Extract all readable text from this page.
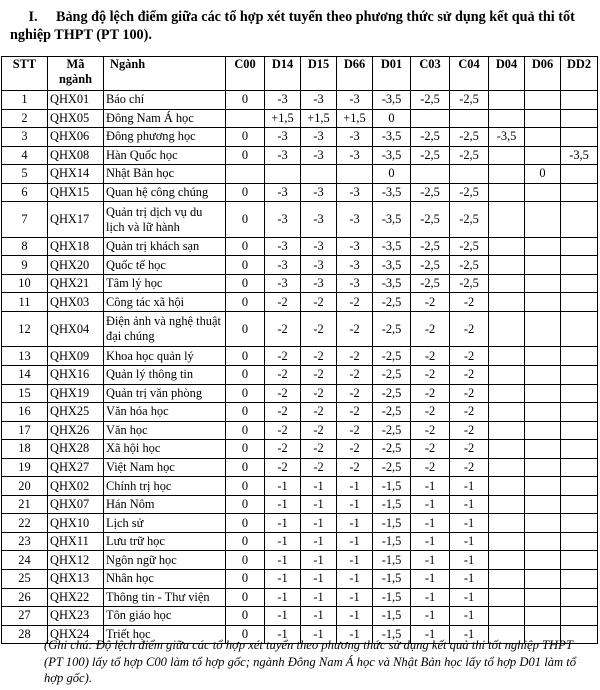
I. Bảng độ lệch điểm giữa các tổ hợp xét tuyển theo phương thức sử dụng kết quả thi tốt nghiệp THPT (PT 100).
STT	Mã ngành	Ngành	C00	D14	D15	D66	D01	C03	C04	D04	D06	DD2
1	QHX01	Báo chí	0	-3	-3	-3	-3,5	-2,5	-2,5			
2	QHX05	Đông Nam Á học		+1,5	+1,5	+1,5	0					
3	QHX06	Đông phương học	0	-3	-3	-3	-3,5	-2,5	-2,5	-3,5		
4	QHX08	Hàn Quốc học	0	-3	-3	-3	-3,5	-2,5	-2,5			-3,5
5	QHX14	Nhật Bản học					0				0	
6	QHX15	Quan hệ công chúng	0	-3	-3	-3	-3,5	-2,5	-2,5			
7	QHX17	Quản trị dịch vụ du lịch và lữ hành	0	-3	-3	-3	-3,5	-2,5	-2,5			
8	QHX18	Quản trị khách sạn	0	-3	-3	-3	-3,5	-2,5	-2,5			
9	QHX20	Quốc tế học	0	-3	-3	-3	-3,5	-2,5	-2,5			
10	QHX21	Tâm lý học	0	-3	-3	-3	-3,5	-2,5	-2,5			
11	QHX03	Công tác xã hội	0	-2	-2	-2	-2,5	-2	-2			
12	QHX04	Điện ảnh và nghệ thuật đại chúng	0	-2	-2	-2	-2,5	-2	-2			
13	QHX09	Khoa học quản lý	0	-2	-2	-2	-2,5	-2	-2			
14	QHX16	Quản lý thông tin	0	-2	-2	-2	-2,5	-2	-2			
15	QHX19	Quản trị văn phòng	0	-2	-2	-2	-2,5	-2	-2			
16	QHX25	Văn hóa học	0	-2	-2	-2	-2,5	-2	-2			
17	QHX26	Văn học	0	-2	-2	-2	-2,5	-2	-2			
18	QHX28	Xã hội học	0	-2	-2	-2	-2,5	-2	-2			
19	QHX27	Việt Nam học	0	-2	-2	-2	-2,5	-2	-2			
20	QHX02	Chính trị học	0	-1	-1	-1	-1,5	-1	-1			
21	QHX07	Hán Nôm	0	-1	-1	-1	-1,5	-1	-1			
22	QHX10	Lịch sử	0	-1	-1	-1	-1,5	-1	-1			
23	QHX11	Lưu trữ học	0	-1	-1	-1	-1,5	-1	-1			
24	QHX12	Ngôn ngữ học	0	-1	-1	-1	-1,5	-1	-1			
25	QHX13	Nhân học	0	-1	-1	-1	-1,5	-1	-1			
26	QHX22	Thông tin - Thư viện	0	-1	-1	-1	-1,5	-1	-1			
27	QHX23	Tôn giáo học	0	-1	-1	-1	-1,5	-1	-1			
28	QHX24	Triết học	0	-1	-1	-1	-1,5	-1	-1			
(Ghi chú: Độ lệch điểm giữa các tổ hợp xét tuyển theo phương thức sử dụng kết quả thi tốt nghiệp THPT (PT 100) lấy tổ hợp C00 làm tổ hợp gốc; ngành Đông Nam Á học và Nhật Bản học lấy tổ hợp D01 làm tổ hợp gốc).
